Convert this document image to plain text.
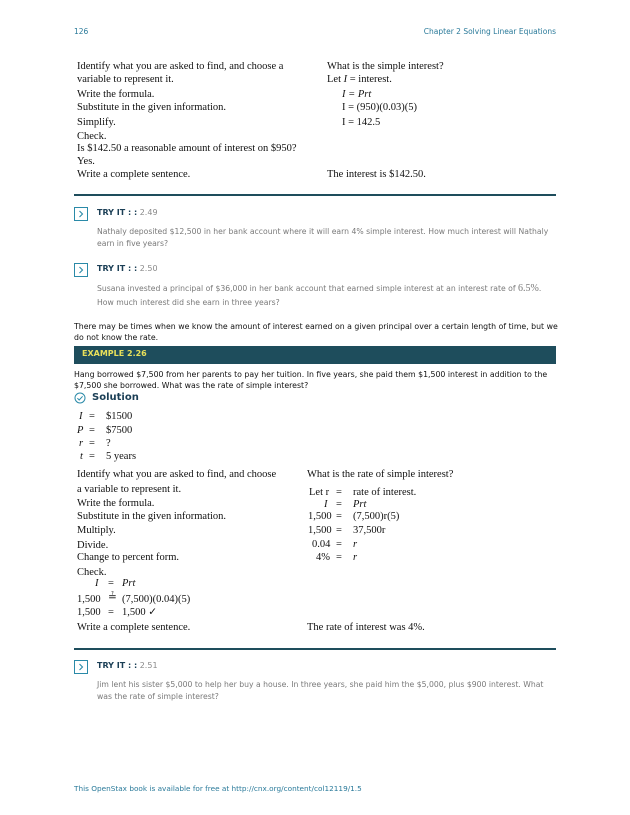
126	Chapter 2 Solving Linear Equations
Identify what you are asked to find, and choose a
variable to represent it.
Write the formula.
Substitute in the given information.
Simplify.
Check.
Is $142.50 a reasonable amount of interest on $950?
Yes.
Write a complete sentence.
What is the simple interest?
Let I = interest.
I = Prt
I = (950)(0.03)(5)
I = 142.5
The interest is $142.50.
TRY IT : : 2.49
Nathaly deposited $12,500 in her bank account where it will earn 4% simple interest. How much interest will Nathaly earn in five years?
TRY IT : : 2.50
Susana invested a principal of $36,000 in her bank account that earned simple interest at an interest rate of 6.5%.
How much interest did she earn in three years?
There may be times when we know the amount of interest earned on a given principal over a certain length of time, but we do not know the rate.
EXAMPLE 2.26
Hang borrowed $7,500 from her parents to pay her tuition. In five years, she paid them $1,500 interest in addition to the $7,500 she borrowed. What was the rate of simple interest?
Solution
I = $1500
P = $7500
r = ?
t = 5 years
Identify what you are asked to find, and choose
a variable to represent it.
Write the formula.
Substitute in the given information.
Multiply.
Divide.
Change to percent form.
Check.
Write a complete sentence.
I = Prt
1,500 ≟ (7,500)(0.04)(5)
1,500 = 1,500 ✓
What is the rate of simple interest?
Let r = rate of interest.
I = Prt
1,500 = (7,500)r(5)
1,500 = 37,500r
0.04 = r
4% = r
The rate of interest was 4%.
TRY IT : : 2.51
Jim lent his sister $5,000 to help her buy a house. In three years, she paid him the $5,000, plus $900 interest. What was the rate of simple interest?
This OpenStax book is available for free at http://cnx.org/content/col12119/1.5
